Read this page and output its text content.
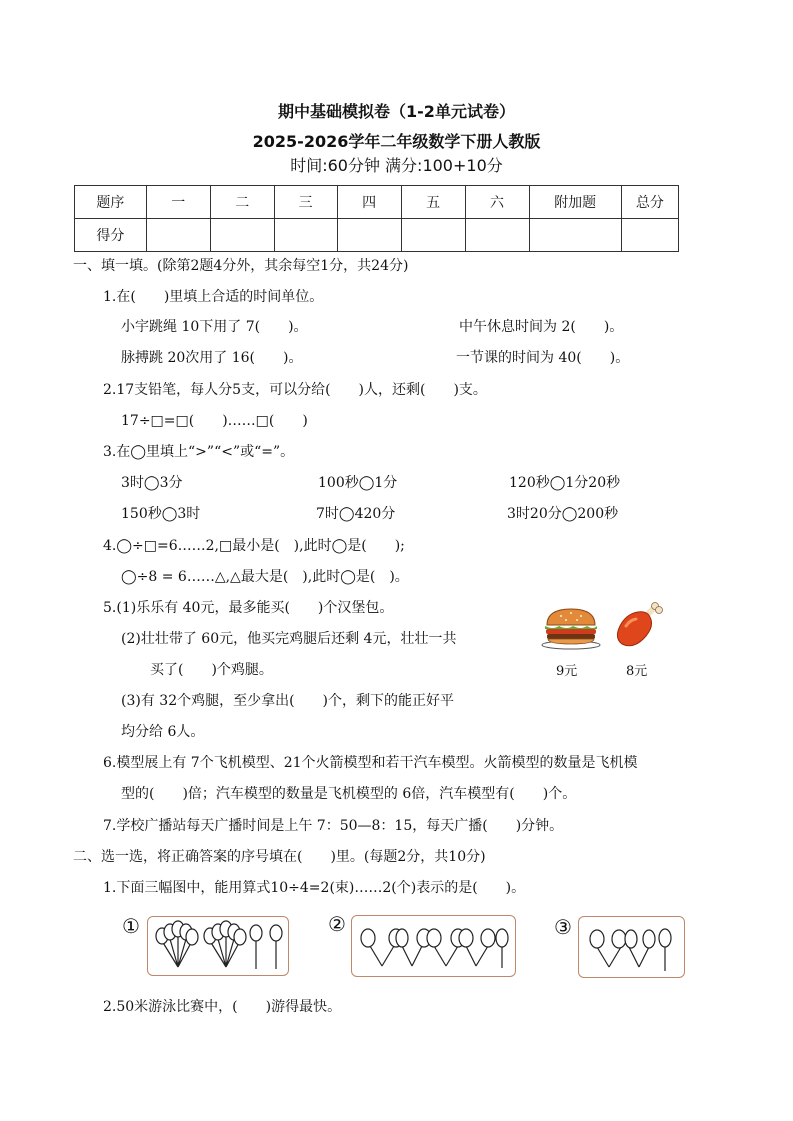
期中基础模拟卷（1-2单元试卷）
2025-2026学年二年级数学下册人教版
时间:60分钟 满分:100+10分
题序	一	二	三	四	五	六	附加题	总分
得分								
一、填一填。(除第2题4分外，其余每空1分，共24分)
1.在(　　)里填上合适的时间单位。
小宇跳绳 10下用了 7(　　)。	中午休息时间为 2(　　)。
脉搏跳 20次用了 16(　　)。	一节课的时间为 40(　　)。
2.17支铅笔，每人分5支，可以分给(　　)人，还剩(　　)支。
17÷□=□(　　)……□(　　)
3.在◯里填上“>”“<”或“=”。
3时◯3分	100秒◯1分	120秒◯1分20秒
150秒◯3时	7时◯420分	3时20分◯200秒
4.◯÷□=6……2,□最小是(　),此时◯是(　　);
◯÷8 = 6……△,△最大是(　),此时◯是(　)。
5.(1)乐乐有 40元，最多能买(　　)个汉堡包。
(2)壮壮带了 60元，他买完鸡腿后还剩 4元，壮壮一共
买了(　　)个鸡腿。
(3)有 32个鸡腿，至少拿出(　　)个，剩下的能正好平
均分给 6人。
9元	8元
6.模型展上有 7个飞机模型、21个火箭模型和若干汽车模型。火箭模型的数量是飞机模
型的(　　)倍；汽车模型的数量是飞机模型的 6倍，汽车模型有(　　)个。
7.学校广播站每天广播时间是上午 7：50—8：15，每天广播(　　)分钟。
二、选一选，将正确答案的序号填在(　　)里。(每题2分，共10分)
1.下面三幅图中，能用算式10÷4=2(束)……2(个)表示的是(　　)。
①	②	③
2.50米游泳比赛中，(　　)游得最快。
